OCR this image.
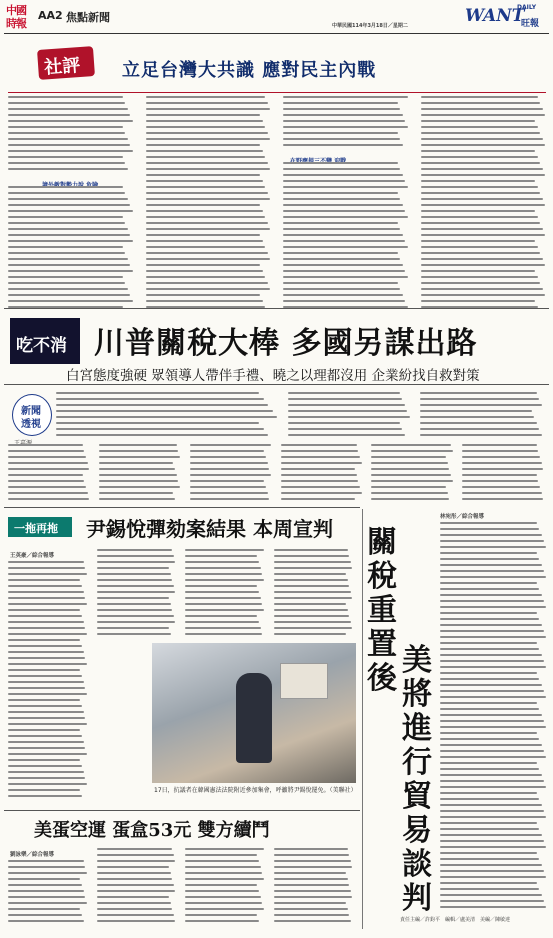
中國
時報
AA2 焦點新聞
中華民國114年3月18日／星期二	WANT
DAILY
旺報
社評 立足台灣大共識 應對民主內戰
吃不消 川普關稅大棒 多國另謀出路
白宮態度強硬 眾領導人帶伴手禮、曉之以理都沒用 企業紛找自救對策
新聞
透視
一拖再拖 尹錫悅彈劾案結果 本周宣判
王英豪／綜合報導
17日，抗議者在韓國憲法法院附近參加集會，呼籲將尹錫悅罷免。（美聯社）
美蛋空運 蛋盒53元 雙方續鬥
劉詠樂／綜合報導
關稅重置後
美將進行貿易談判
林宛彤／綜合報導
責任主編／許鈞平　編輯／盧美清　美編／陳敏達
